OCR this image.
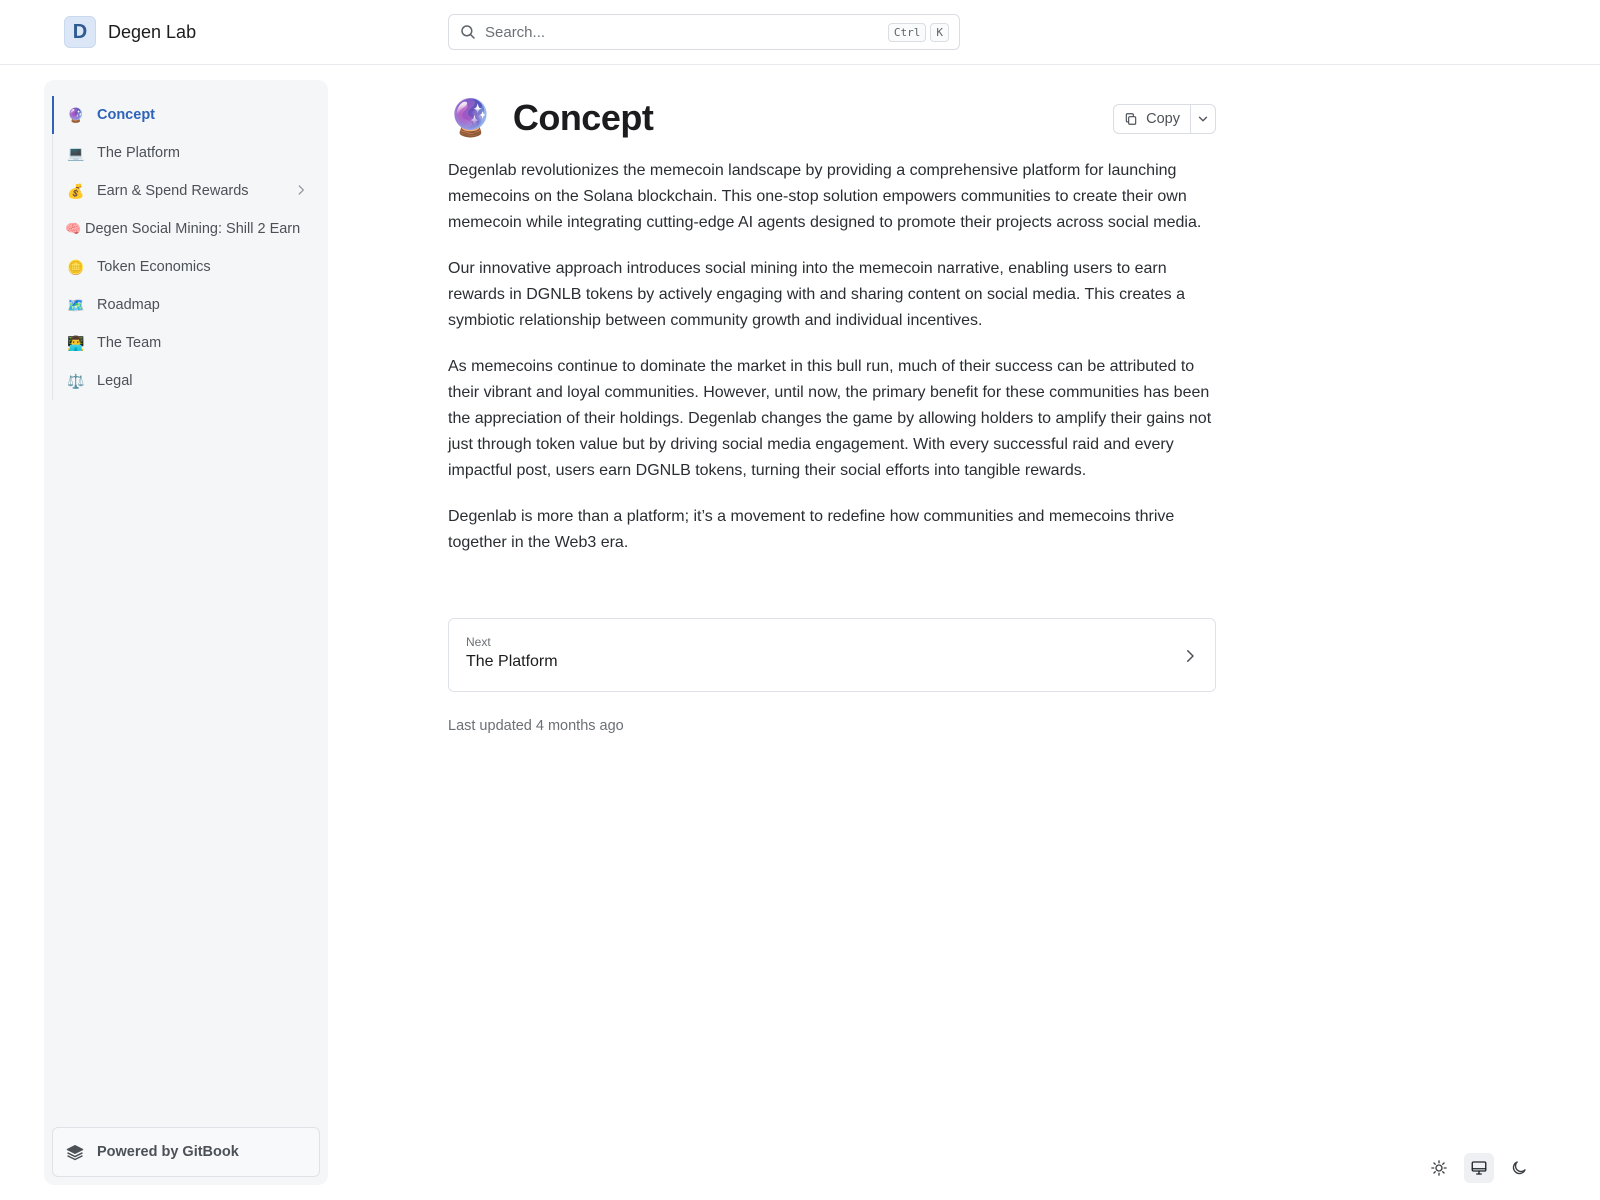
D	Degen Lab	Search...	Ctrl	K
🔮 Concept
💻 The Platform
💰 Earn & Spend Rewards
🧠 Degen Social Mining: Shill 2 Earn
🪙 Token Economics
🗺️ Roadmap
👨‍💻 The Team
⚖️ Legal
Powered by GitBook
🔮 Concept	Copy

Degenlab revolutionizes the memecoin landscape by providing a comprehensive platform for launching memecoins on the Solana blockchain. This one-stop solution empowers communities to create their own memecoin while integrating cutting-edge AI agents designed to promote their projects across social media.

Our innovative approach introduces social mining into the memecoin narrative, enabling users to earn rewards in DGNLB tokens by actively engaging with and sharing content on social media. This creates a symbiotic relationship between community growth and individual incentives.

As memecoins continue to dominate the market in this bull run, much of their success can be attributed to their vibrant and loyal communities. However, until now, the primary benefit for these communities has been the appreciation of their holdings. Degenlab changes the game by allowing holders to amplify their gains not just through token value but by driving social media engagement. With every successful raid and every impactful post, users earn DGNLB tokens, turning their social efforts into tangible rewards.

Degenlab is more than a platform; it’s a movement to redefine how communities and memecoins thrive together in the Web3 era.

Next
The Platform
Last updated 4 months ago
